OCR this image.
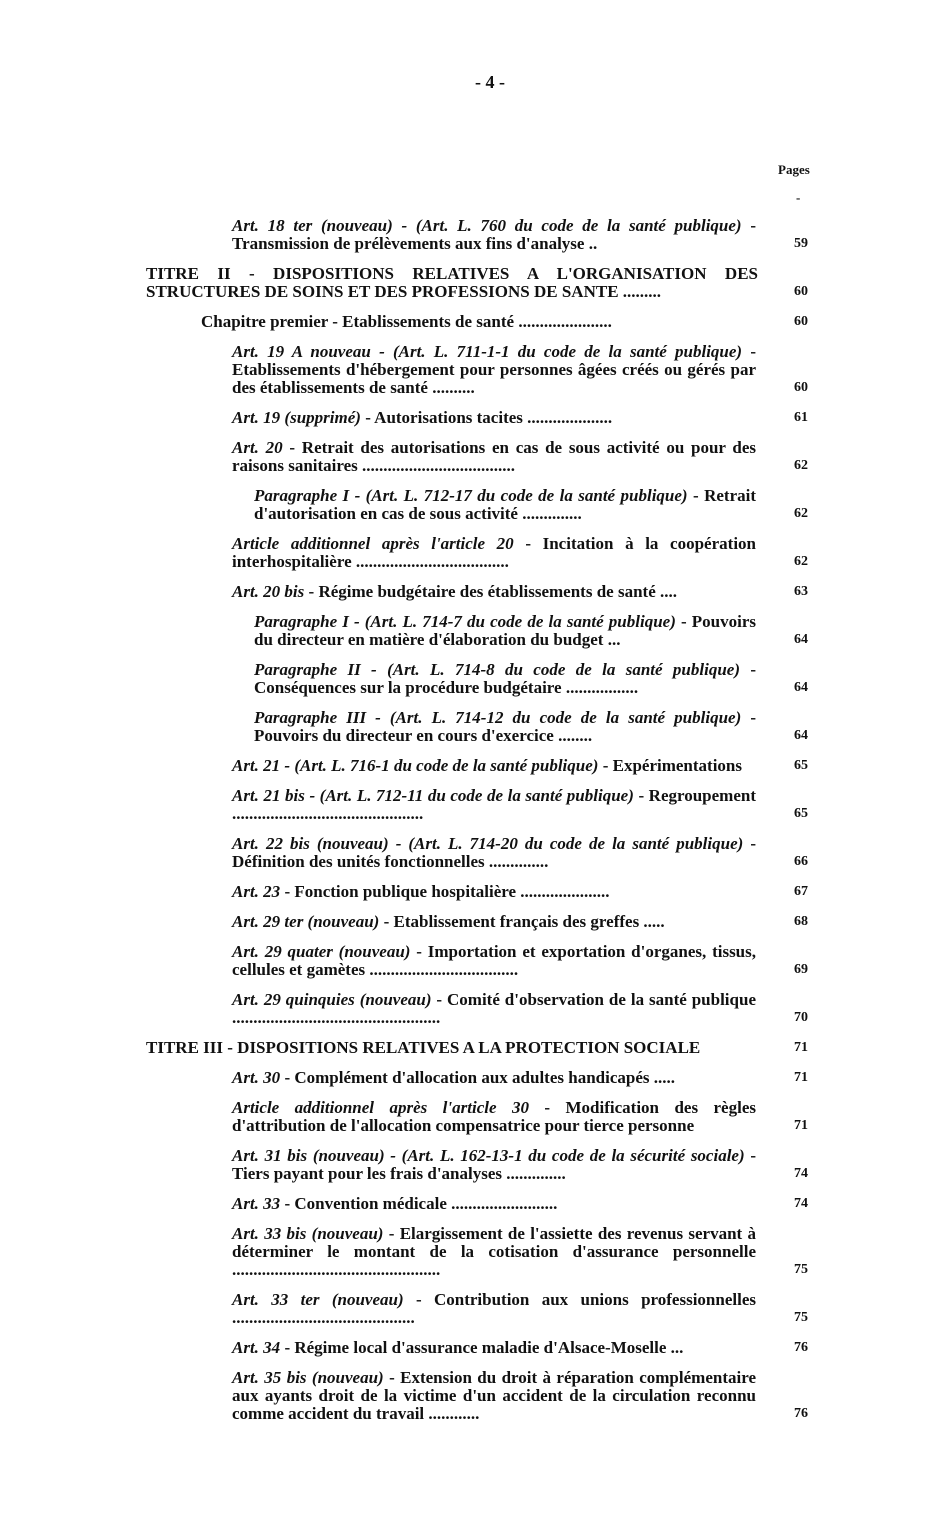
- 4 -
Pages
-
Art. 18 ter (nouveau) - (Art. L. 760 du code de la santé publique) - Transmission de prélèvements aux fins d'analyse ..	59
TITRE II - DISPOSITIONS RELATIVES A L'ORGANISATION DES STRUCTURES DE SOINS ET DES PROFESSIONS DE SANTE .........	60
Chapitre premier - Etablissements de santé ......................	60
Art. 19 A nouveau - (Art. L. 711-1-1 du code de la santé publique) - Etablissements d'hébergement pour personnes âgées créés ou gérés par des établissements de santé ..........	60
Art. 19 (supprimé) - Autorisations tacites ....................	61
Art. 20 - Retrait des autorisations en cas de sous activité ou pour des raisons sanitaires ....................................	62
Paragraphe I - (Art. L. 712-17 du code de la santé publique) - Retrait d'autorisation en cas de sous activité ..............	62
Article additionnel après l'article 20 - Incitation à la coopération interhospitalière ....................................	62
Art. 20 bis - Régime budgétaire des établissements de santé ....	63
Paragraphe I - (Art. L. 714-7 du code de la santé publique) - Pouvoirs du directeur en matière d'élaboration du budget ...	64
Paragraphe II - (Art. L. 714-8 du code de la santé publique) - Conséquences sur la procédure budgétaire .................	64
Paragraphe III - (Art. L. 714-12 du code de la santé publique) - Pouvoirs du directeur en cours d'exercice ........	64
Art. 21 - (Art. L. 716-1 du code de la santé publique) - Expérimentations	65
Art. 21 bis - (Art. L. 712-11 du code de la santé publique) - Regroupement .............................................	65
Art. 22 bis (nouveau) - (Art. L. 714-20 du code de la santé publique) - Définition des unités fonctionnelles ..............	66
Art. 23 - Fonction publique hospitalière .....................	67
Art. 29 ter (nouveau) - Etablissement français des greffes .....	68
Art. 29 quater (nouveau) - Importation et exportation d'organes, tissus, cellules et gamètes ...................................	69
Art. 29 quinquies (nouveau) - Comité d'observation de la santé publique .................................................	70
TITRE III - DISPOSITIONS RELATIVES A LA PROTECTION SOCIALE	71
Art. 30 - Complément d'allocation aux adultes handicapés .....	71
Article additionnel après l'article 30 - Modification des règles d'attribution de l'allocation compensatrice pour tierce personne	71
Art. 31 bis (nouveau) - (Art. L. 162-13-1 du code de la sécurité sociale) - Tiers payant pour les frais d'analyses ..............	74
Art. 33 - Convention médicale .........................	74
Art. 33 bis (nouveau) - Elargissement de l'assiette des revenus servant à déterminer le montant de la cotisation d'assurance personnelle .................................................	75
Art. 33 ter (nouveau) - Contribution aux unions professionnelles ...........................................	75
Art. 34 - Régime local d'assurance maladie d'Alsace-Moselle ...	76
Art. 35 bis (nouveau) - Extension du droit à réparation complémentaire aux ayants droit de la victime d'un accident de la circulation reconnu comme accident du travail ............	76
